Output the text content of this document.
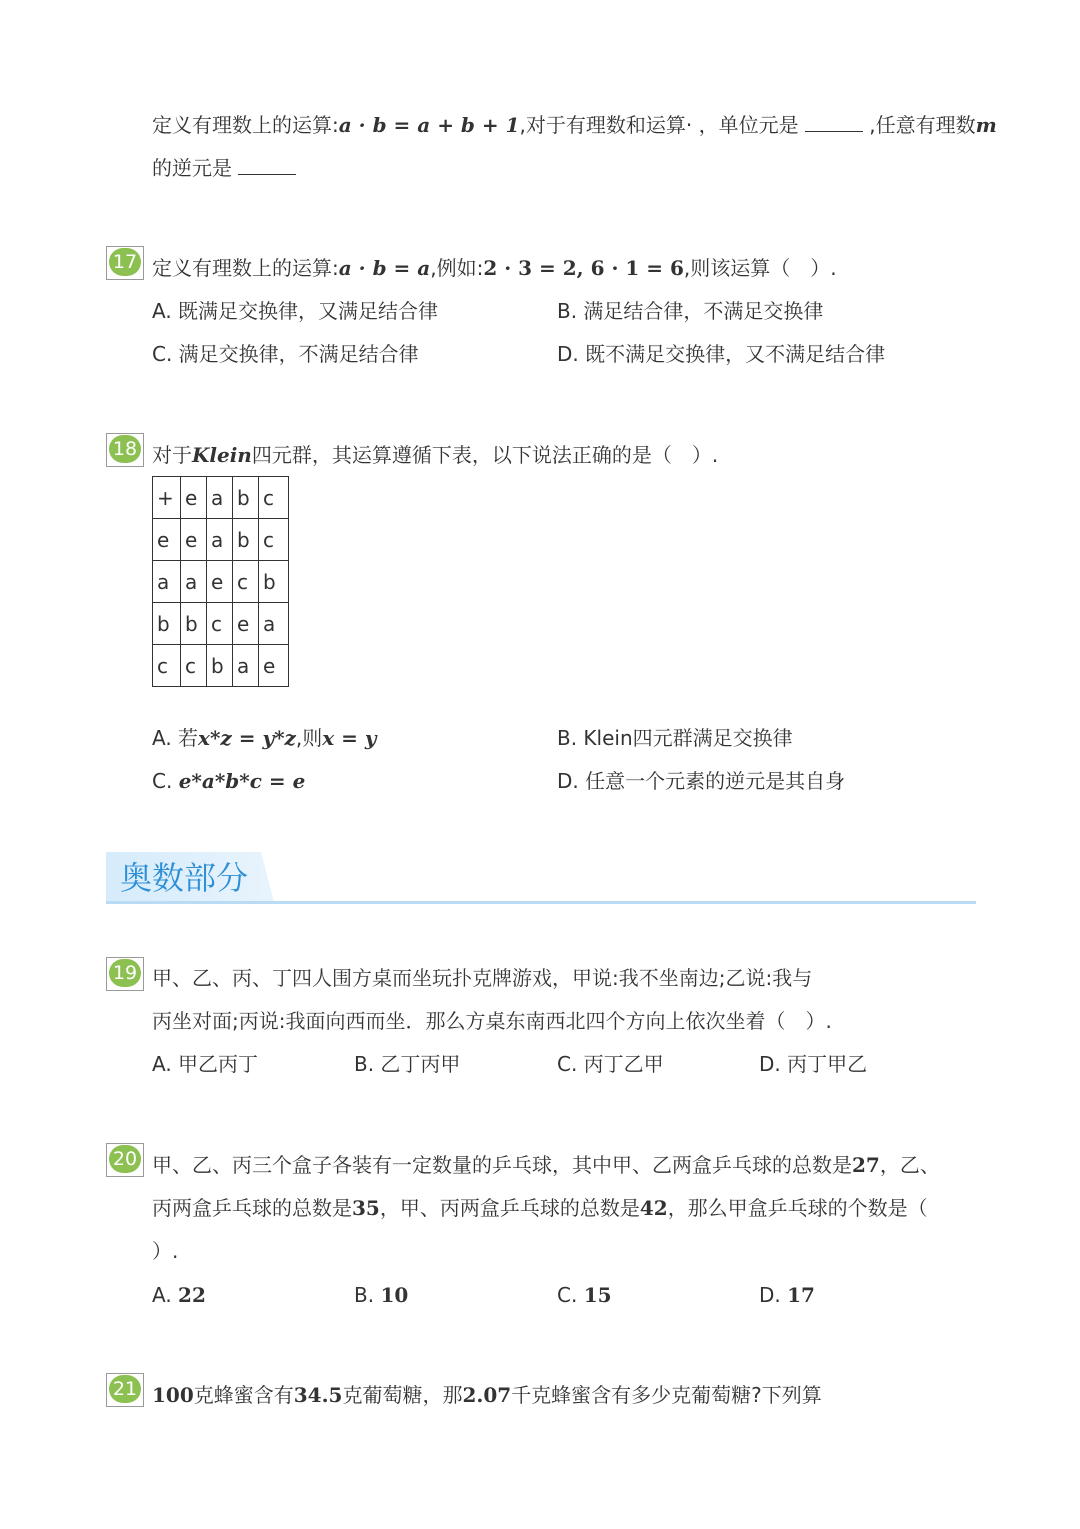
定义有理数上的运算:a · b = a + b + 1,对于有理数和运算· ，单位元是	,任意有理数m
的逆元是
17 定义有理数上的运算:a · b = a,例如:2 · 3 = 2, 6 · 1 = 6,则该运算（　）.
A. 既满足交换律，又满足结合律	B. 满足结合律，不满足交换律
C. 满足交换律，不满足结合律	D. 既不满足交换律，又不满足结合律
18 对于Klein四元群，其运算遵循下表，以下说法正确的是（　）.
+	e	a	b	c
e	e	a	b	c
a	a	e	c	b
b	b	c	e	a
c	c	b	a	e
A. 若x*z = y*z,则x = y	B. Klein四元群满足交换律
C. e*a*b*c = e	D. 任意一个元素的逆元是其自身
奥数部分
19 甲、乙、丙、丁四人围方桌而坐玩扑克牌游戏，甲说:我不坐南边;乙说:我与
丙坐对面;丙说:我面向西而坐．那么方桌东南西北四个方向上依次坐着（　）.
A. 甲乙丙丁	B. 乙丁丙甲	C. 丙丁乙甲	D. 丙丁甲乙
20 甲、乙、丙三个盒子各装有一定数量的乒乓球，其中甲、乙两盒乒乓球的总数是27，乙、
丙两盒乒乓球的总数是35，甲、丙两盒乒乓球的总数是42，那么甲盒乒乓球的个数是（
）.
A. 22	B. 10	C. 15	D. 17
21 100克蜂蜜含有34.5克葡萄糖，那2.07千克蜂蜜含有多少克葡萄糖?下列算
